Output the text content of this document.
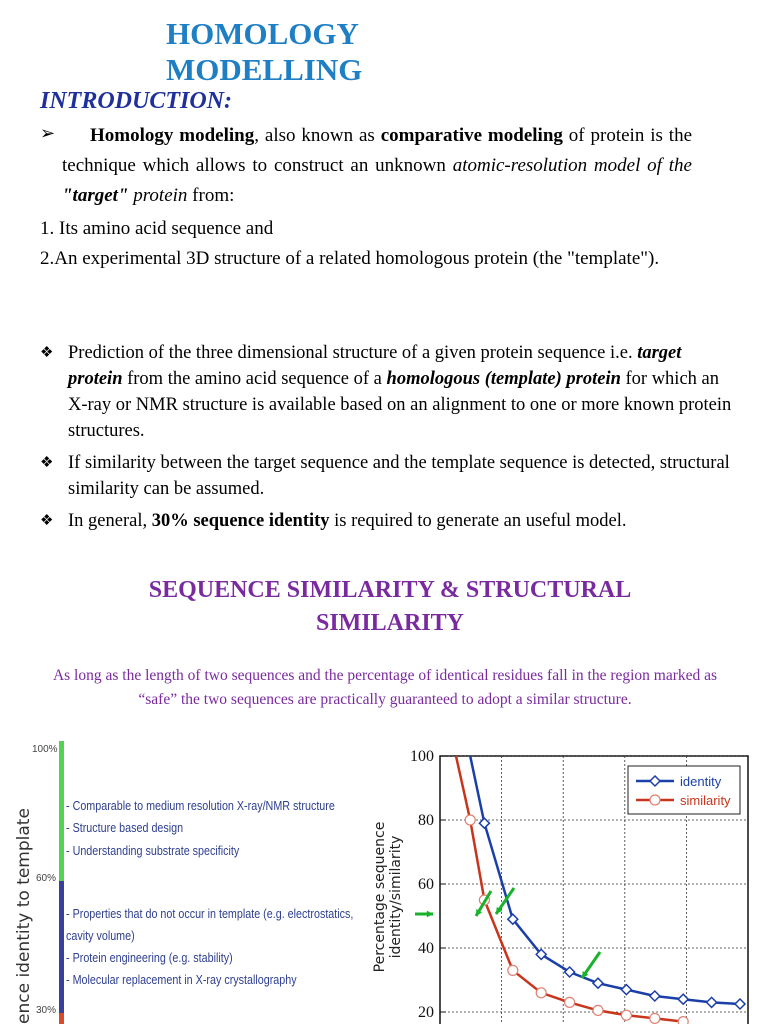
HOMOLOGY MODELLING
INTRODUCTION:
➢	Homology modeling, also known as comparative modeling of protein is the technique which allows to construct an unknown atomic-resolution model of the "target" protein from:
1. Its amino acid sequence and
2.An experimental 3D structure of a related homologous protein (the "template").
❖ Prediction of the three dimensional structure of a given protein sequence i.e. target protein from the amino acid sequence of a homologous (template) protein for which an X-ray or NMR structure is available based on an alignment to one or more known protein structures.
❖ If similarity between the target sequence and the template sequence is detected, structural similarity can be assumed.
❖ In general, 30% sequence identity is required to generate an useful model.
SEQUENCE SIMILARITY & STRUCTURAL SIMILARITY
As long as the length of two sequences and the percentage of identical residues fall in the region marked as “safe” the two sequences are practically guaranteed to adopt a similar structure.
ence identity to template
100%
60%
30%
- Comparable to medium resolution X-ray/NMR structure
- Structure based design
- Understanding substrate specificity
- Properties that do not occur in template (e.g. electrostatics,
cavity volume)
- Protein engineering (e.g. stability)
- Molecular replacement in X-ray crystallography
Percentage sequence identity/similarity
100
80
60
40
20
identity
similarity
